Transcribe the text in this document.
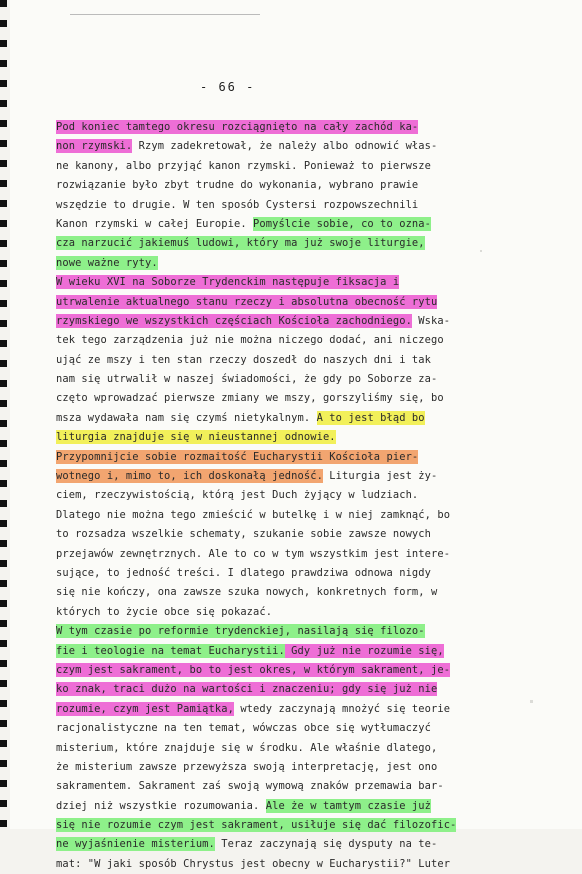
- 66 -
Pod koniec tamtego okresu rozciągnięto na cały zachód ka-
non rzymski. Rzym zadekretował, że należy albo odnowić włas-
ne kanony, albo przyjąć kanon rzymski. Ponieważ to pierwsze
rozwiązanie było zbyt trudne do wykonania, wybrano prawie
wszędzie to drugie. W ten sposób Cystersi rozpowszechnili
Kanon rzymski w całej Europie. Pomyślcie sobie, co to ozna-
cza narzucić jakiemuś ludowi, który ma już swoje liturgie,
nowe ważne ryty.
W wieku XVI na Soborze Trydenckim następuje fiksacja i
utrwalenie aktualnego stanu rzeczy i absolutna obecność rytu
rzymskiego we wszystkich częściach Kościoła zachodniego. Wska-
tek tego zarządzenia już nie można niczego dodać, ani niczego
ująć ze mszy i ten stan rzeczy doszedł do naszych dni i tak
nam się utrwalił w naszej świadomości, że gdy po Soborze za-
częto wprowadzać pierwsze zmiany we mszy, gorszyliśmy się, bo
msza wydawała nam się czymś nietykalnym. A to jest błąd bo
liturgia znajduje się w nieustannej odnowie.
Przypomnijcie sobie rozmaitość Eucharystii Kościoła pier-
wotnego i, mimo to, ich doskonałą jedność. Liturgia jest ży-
ciem, rzeczywistością, którą jest Duch żyjący w ludziach.
Dlatego nie można tego zmieścić w butelkę i w niej zamknąć, bo
to rozsadza wszelkie schematy, szukanie sobie zawsze nowych
przejawów zewnętrznych. Ale to co w tym wszystkim jest intere-
sujące, to jedność treści. I dlatego prawdziwa odnowa nigdy
się nie kończy, ona zawsze szuka nowych, konkretnych form, w
których to życie obce się pokazać.
W tym czasie po reformie trydenckiej, nasilają się filozo-
fie i teologie na temat Eucharystii. Gdy już nie rozumie się,
czym jest sakrament, bo to jest okres, w którym sakrament, je-
ko znak, traci dużo na wartości i znaczeniu; gdy się już nie
rozumie, czym jest Pamiątka, wtedy zaczynają mnożyć się teorie
racjonalistyczne na ten temat, wówczas obce się wytłumaczyć
misterium, które znajduje się w środku. Ale właśnie dlatego,
że misterium zawsze przewyższa swoją interpretację, jest ono
sakramentem. Sakrament zaś swoją wymową znaków przemawia bar-
dziej niż wszystkie rozumowania. Ale że w tamtym czasie już
się nie rozumie czym jest sakrament, usiłuje się dać filozofic-
ne wyjaśnienie misterium. Teraz zaczynają się dysputy na te-
mat: "W jaki sposób Chrystus jest obecny w Eucharystii?" Luter
